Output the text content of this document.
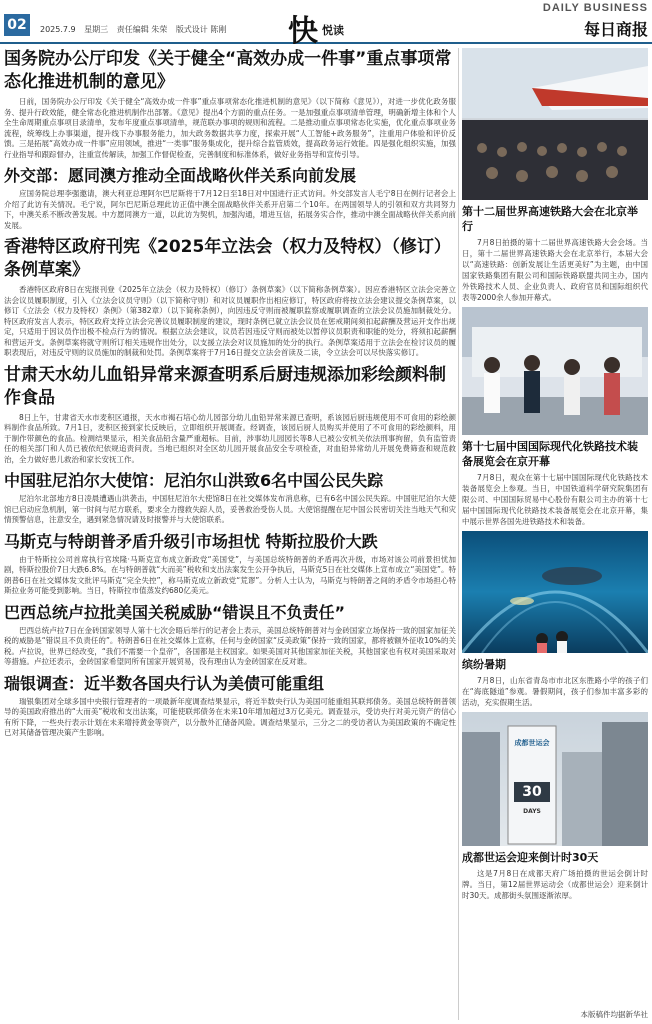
02	2025.7.9 星期三 责任编辑 朱荣 版式设计 陈刚 快 悦读
DAILY BUSINESS
每日商报
国务院办公厅印发《关于健全“高效办成一件事”重点事项常态化推进机制的意见》

日前，国务院办公厅印发《关于健全“高效办成一件事”重点事项常态化推进机制的意见》（以下简称《意见》），对进一步优化政务服务、提升行政效能，健全常态化推进机制作出部署。《意见》提出4个方面的重点任务。一是加强重点事项清单管理，明确新增主体和个人全生命周期重点事项目录清单，发布年度重点事项清单，规范联办事项的规则和流程。二是推动重点事项常态化实施，优化重点事项业务流程，统筹线上办事渠道，提升线下办事服务能力，加大政务数据共享力度，探索开展“人工智能+政务服务”，注重用户体验和评价反馈。三是拓展“高效办成一件事”应用领域，推进“一类事”服务集成化，提升综合监管质效，提高政务运行效能。四是强化组织实施，加强行业指导和跟踪督办，注重宣传解读，加强工作督促检查，完善制度和标准体系，做好业务指导和宣传引导。

外交部：愿同澳方推动全面战略伙伴关系向前发展

应国务院总理李强邀请，澳大利亚总理阿尔巴尼斯将于7月12日至18日对中国进行正式访问。外交部发言人毛宁8日在例行记者会上介绍了此访有关情况。毛宁说，阿尔巴尼斯总理此访正值中澳全面战略伙伴关系开启第二个10年。在两国领导人的引领和双方共同努力下，中澳关系不断改善发展。中方愿同澳方一道，以此访为契机，加强沟通，增进互信，拓展务实合作，推动中澳全面战略伙伴关系向前发展。

香港特区政府刊宪《2025年立法会（权力及特权）（修订）条例草案》

香港特区政府8日在宪报刊登《2025年立法会（权力及特权）（修订）条例草案》（以下简称条例草案）。因应香港特区立法会完善立法会议员履职制度，引入《立法会议员守则》（以下简称守则）和对议员履职作出相应修订，特区政府将按立法会建议提交条例草案，以修订《立法会（权力及特权）条例》（第382章）（以下简称条例），向因违反守则而被履职监察或履职调查的立法会议员施加制裁处分。特区政府发言人表示，特区政府支持立法会完善议员履职制度的建议，现时条例已就立法会议员在惩戒期间须扣起薪酬及营运开支作出规定，只适用于因议员作出极不检点行为的情况。根据立法会建议，议员若因违反守则而被处以暂停议员职责和职能的处分，将须扣起薪酬和营运开支。条例草案将就守则所订相关违规作出处分，以支援立法会对议员施加的处分的执行。条例草案适用于立法会在检讨议员的履职表现后，对违反守则的议员施加的制裁和处罚。条例草案将于7月16日提交立法会首读及二读，令立法会可以尽快落实修订。

甘肃天水幼儿血铅异常来源查明系后厨违规添加彩绘颜料制作食品

8日上午，甘肃省天水市麦积区通报，天水市褐石培心幼儿园部分幼儿血铅异常来源已查明，系该园后厨违规使用不可食用的彩绘颜料制作食品所致。7月1日，麦积区接到家长反映后，立即组织开展调查。经调查，该园后厨人员购买并使用了不可食用的彩绘颜料，用于制作带颜色的食品。检测结果显示，相关食品铅含量严重超标。目前，涉事幼儿园园长等8人已被公安机关依法刑事拘留，负有监管责任的相关部门和人员已被依纪依规追责问责。当地已组织对全区幼儿园开展食品安全专项检查，对血铅异常幼儿开展免费筛查和规范救治，全力做好患儿救治和家长安抚工作。

中国驻尼泊尔大使馆：尼泊尔山洪致6名中国公民失踪

尼泊尔北部地方8日凌晨遭遇山洪袭击，中国驻尼泊尔大使馆8日在社交媒体发布消息称，已有6名中国公民失踪。中国驻尼泊尔大使馆已启动应急机制，第一时间与尼方联系，要求全力搜救失踪人员，妥善救治受伤人员。大使馆提醒在尼中国公民密切关注当地天气和灾情预警信息，注意安全，遇到紧急情况请及时报警并与大使馆联系。

马斯克与特朗普矛盾升级引市场担忧 特斯拉股价大跌

由于特斯拉公司首席执行官埃隆·马斯克宣布成立新政党“美国党”，与美国总统特朗普的矛盾再次升级，市场对该公司前景担忧加剧，特斯拉股价7日大跌6.8%。在与特朗普就“大而美”税收和支出法案发生公开争执后，马斯克5日在社交媒体上宣布成立“美国党”。特朗普6日在社交媒体发文批评马斯克“完全失控”，称马斯克成立新政党“荒谬”。分析人士认为，马斯克与特朗普之间的矛盾令市场担心特斯拉业务可能受到影响。当日，特斯拉市值蒸发约680亿美元。

巴西总统卢拉批美国关税威胁“错误且不负责任”

巴西总统卢拉7日在金砖国家领导人第十七次会晤后举行的记者会上表示，美国总统特朗普对与金砖国家立场保持一致的国家加征关税的威胁是“错误且不负责任的”。特朗普6日在社交媒体上宣称，任何与金砖国家“反美政策”保持一致的国家，都将被额外征收10%的关税。卢拉说，世界已经改变，“我们不需要一个皇帝”，各国都是主权国家。如果美国对其他国家加征关税，其他国家也有权对美国采取对等措施。卢拉还表示，金砖国家希望同所有国家开展贸易，没有理由认为金砖国家在反对谁。

瑞银调查：近半数各国央行认为美债可能重组

瑞银集团对全球多国中央银行管理者的一项最新年度调查结果显示，将近半数央行认为美国可能重组其联邦债务。美国总统特朗普领导的美国政府推出的“大而美”税收和支出法案，可能使联邦债务在未来10年增加超过3万亿美元。调查显示，受访央行对美元资产的信心有所下降，一些央行表示计划在未来增持黄金等资产，以分散外汇储备风险。调查结果显示，三分之二的受访者认为美国政策的不确定性已对其储备管理决策产生影响。

第十二届世界高速铁路大会在北京举行

7月8日拍摄的第十二届世界高速铁路大会会场。当日，第十二届世界高速铁路大会在北京举行，本届大会以“高速铁路：创新发展让生活更美好”为主题，由中国国家铁路集团有限公司和国际铁路联盟共同主办，国内外铁路技术人员、企业负责人、政府官员和国际组织代表等2000余人参加开幕式。

第十七届中国国际现代化铁路技术装备展览会在京开幕

7月8日，观众在第十七届中国国际现代化铁路技术装备展览会上参观。当日，中国铁道科学研究院集团有限公司、中国国际贸易中心股份有限公司主办的第十七届中国国际现代化铁路技术装备展览会在北京开幕，集中展示世界各国先进铁路技术和装备。

缤纷暑期

7月8日，山东省青岛市市北区东胜路小学的孩子们在“海底隧道”参观。暑假期间，孩子们参加丰富多彩的活动，充实假期生活。

成都世运会
30
DAYS
成都世运会迎来倒计时30天

这是7月8日在成都天府广场拍摄的世运会倒计时牌。当日，第12届世界运动会（成都世运会）迎来倒计时30天。成都街头氛围逐渐浓厚。

本版稿件均据新华社
